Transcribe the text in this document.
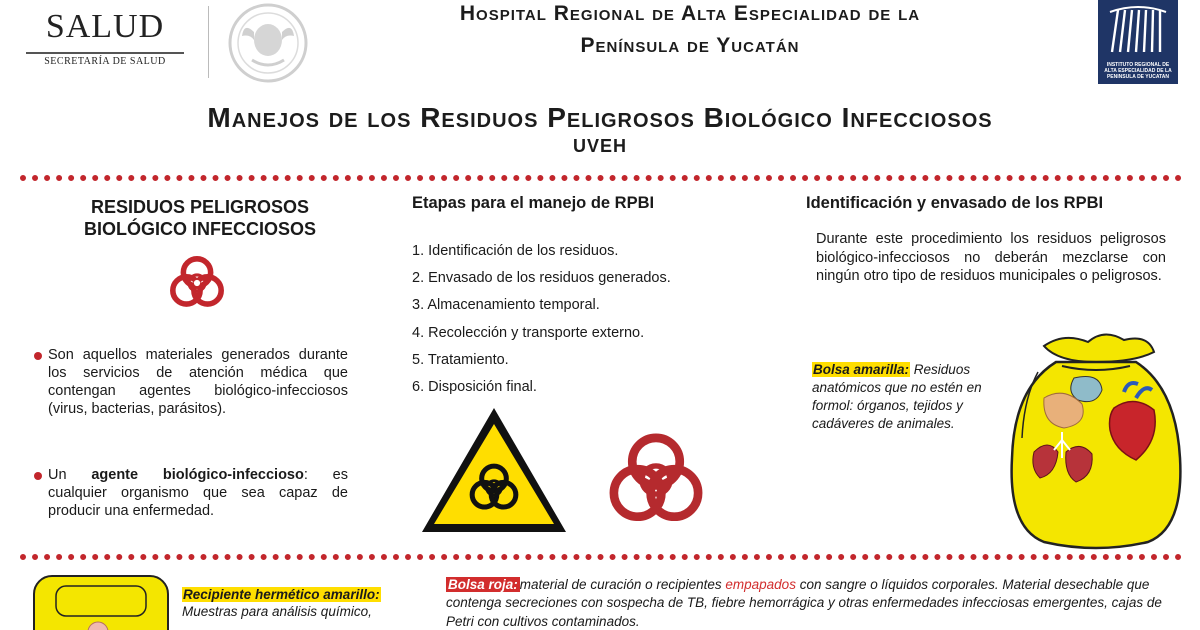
SALUD
SECRETARÍA DE SALUD
Hospital Regional de Alta Especialidad de la
Península de Yucatán
INSTITUTO REGIONAL DE ALTA ESPECIALIDAD DE LA PENINSULA DE YUCATAN
Manejos de los Residuos Peligrosos Biológico Infecciosos
UVEH
RESIDUOS PELIGROSOS BIOLÓGICO INFECCIOSOS
Son aquellos materiales generados durante los servicios de atención médica que contengan agentes biológico-infecciosos (virus, bacterias, parásitos).
Un agente biológico-infeccioso: es cualquier organismo que sea capaz de producir una enfermedad.
Etapas para el manejo de RPBI
1. Identificación de los residuos.
2. Envasado de los residuos generados.
3. Almacenamiento temporal.
4. Recolección y transporte externo.
5. Tratamiento.
6. Disposición final.
Identificación y envasado de los RPBI
Durante este procedimiento los residuos peligrosos biológico-infecciosos no deberán mezclarse con ningún otro tipo de residuos municipales o peligrosos.
Bolsa amarilla: Residuos anatómicos que no estén en formol: órganos, tejidos y cadáveres de animales.
Recipiente hermético amarillo:
Muestras para análisis químico,
Bolsa roja: material de curación o recipientes empapados con sangre o líquidos corporales. Material desechable que contenga secreciones con sospecha de TB, fiebre hemorrágica y otras enfermedades infecciosas emergentes, cajas de Petri con cultivos contaminados.
